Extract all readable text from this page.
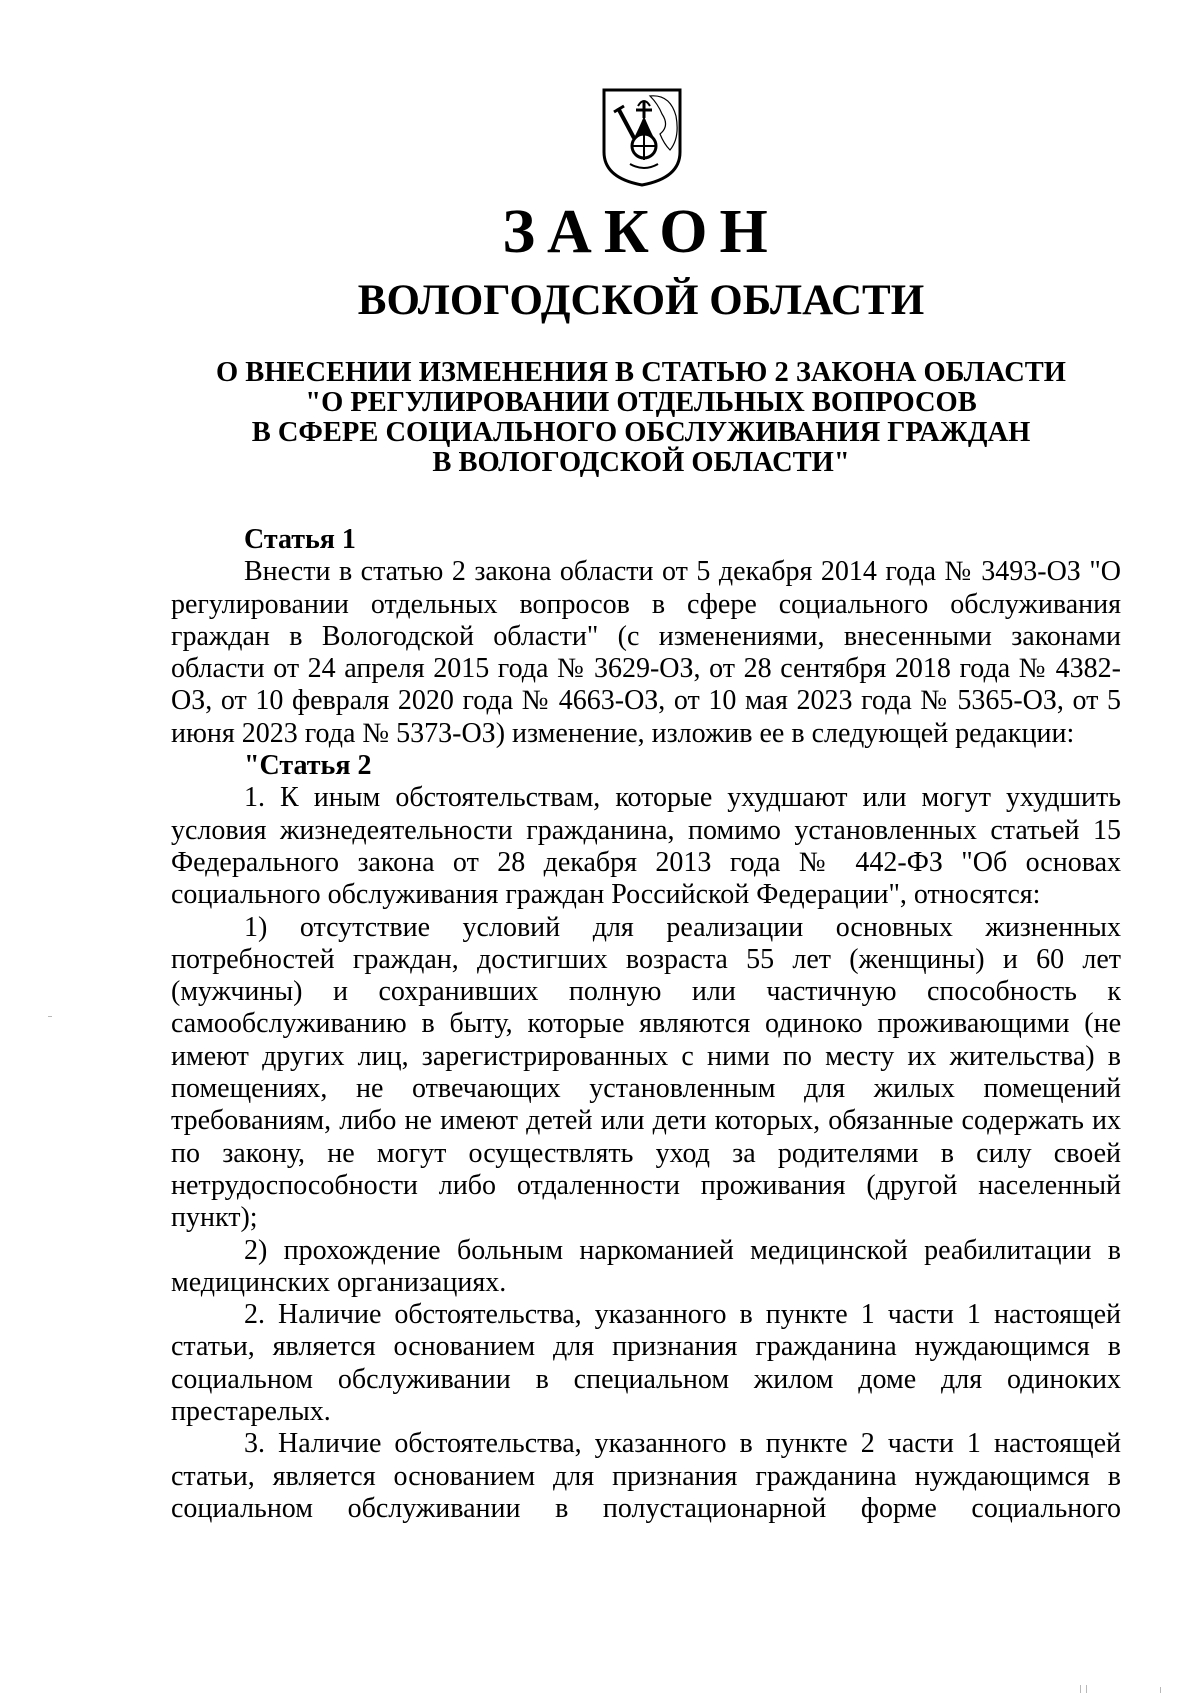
ЗАКОН
ВОЛОГОДСКОЙ ОБЛАСТИ
О ВНЕСЕНИИ ИЗМЕНЕНИЯ В СТАТЬЮ 2 ЗАКОНА ОБЛАСТИ
"О РЕГУЛИРОВАНИИ ОТДЕЛЬНЫХ ВОПРОСОВ
В СФЕРЕ СОЦИАЛЬНОГО ОБСЛУЖИВАНИЯ ГРАЖДАН
В ВОЛОГОДСКОЙ ОБЛАСТИ"
Статья 1

Внести в статью 2 закона области от 5 декабря 2014 года № 3493-ОЗ "О регулировании отдельных вопросов в сфере социального обслуживания граждан в Вологодской области" (с изменениями, внесенными законами области от 24 апреля 2015 года № 3629-ОЗ, от 28 сентября 2018 года № 4382-ОЗ, от 10 февраля 2020 года № 4663-ОЗ, от 10 мая 2023 года № 5365-ОЗ, от 5 июня 2023 года № 5373-ОЗ) изменение, изложив ее в следующей редакции:

"Статья 2

1. К иным обстоятельствам, которые ухудшают или могут ухудшить условия жизнедеятельности гражданина, помимо установленных статьей 15 Федерального закона от 28 декабря 2013 года № 442-ФЗ "Об основах социального обслуживания граждан Российской Федерации", относятся:

1) отсутствие условий для реализации основных жизненных потребностей граждан, достигших возраста 55 лет (женщины) и 60 лет (мужчины) и сохранивших полную или частичную способность к самообслуживанию в быту, которые являются одиноко проживающими (не имеют других лиц, зарегистрированных с ними по месту их жительства) в помещениях, не отвечающих установленным для жилых помещений требованиям, либо не имеют детей или дети которых, обязанные содержать их по закону, не могут осуществлять уход за родителями в силу своей нетрудоспособности либо отдаленности проживания (другой населенный пункт);

2) прохождение больным наркоманией медицинской реабилитации в медицинских организациях.

2. Наличие обстоятельства, указанного в пункте 1 части 1 настоящей статьи, является основанием для признания гражданина нуждающимся в социальном обслуживании в специальном жилом доме для одиноких престарелых.

3. Наличие обстоятельства, указанного в пункте 2 части 1 настоящей статьи, является основанием для признания гражданина нуждающимся в социальном обслуживании в полустационарной форме социального
